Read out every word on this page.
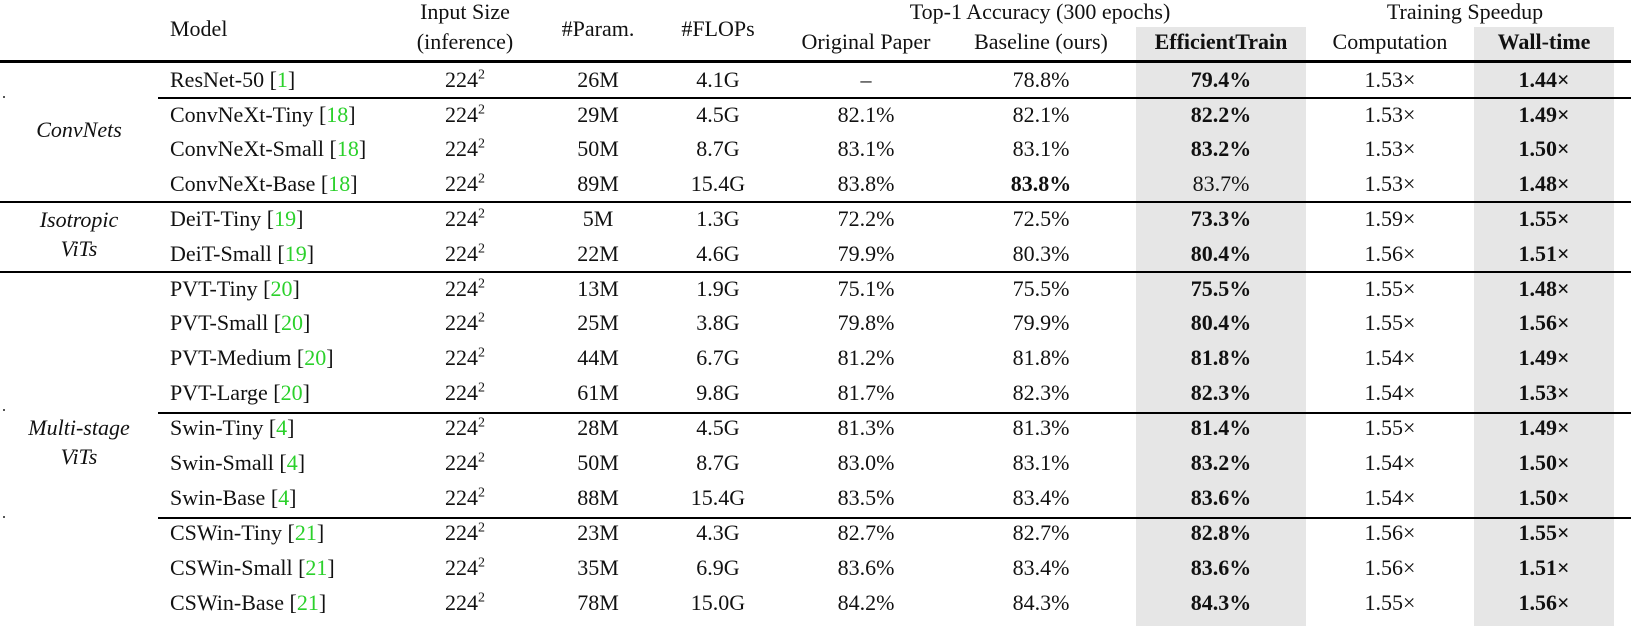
Model
Input Size
(inference)
#Param.	#FLOPs
Top-1 Accuracy (300 epochs)
Original Paper	Baseline (ours)	EfficientTrain
Training Speedup
Computation	Wall-time
ConvNets
Isotropic
ViTs
Multi-stage
ViTs
ResNet-50 [1]	$224^2$	26M	4.1G	–	78.8%	79.4%	1.53×	1.44×
ConvNeXt-Tiny [18]	$224^2$	29M	4.5G	82.1%	82.1%	82.2%	1.53×	1.49×
ConvNeXt-Small [18]	$224^2$	50M	8.7G	83.1%	83.1%	83.2%	1.53×	1.50×
ConvNeXt-Base [18]	$224^2$	89M	15.4G	83.8%	83.8%	83.7%	1.53×	1.48×
DeiT-Tiny [19]	$224^2$	5M	1.3G	72.2%	72.5%	73.3%	1.59×	1.55×
DeiT-Small [19]	$224^2$	22M	4.6G	79.9%	80.3%	80.4%	1.56×	1.51×
PVT-Tiny [20]	$224^2$	13M	1.9G	75.1%	75.5%	75.5%	1.55×	1.48×
PVT-Small [20]	$224^2$	25M	3.8G	79.8%	79.9%	80.4%	1.55×	1.56×
PVT-Medium [20]	$224^2$	44M	6.7G	81.2%	81.8%	81.8%	1.54×	1.49×
PVT-Large [20]	$224^2$	61M	9.8G	81.7%	82.3%	82.3%	1.54×	1.53×
Swin-Tiny [4]	$224^2$	28M	4.5G	81.3%	81.3%	81.4%	1.55×	1.49×
Swin-Small [4]	$224^2$	50M	8.7G	83.0%	83.1%	83.2%	1.54×	1.50×
Swin-Base [4]	$224^2$	88M	15.4G	83.5%	83.4%	83.6%	1.54×	1.50×
CSWin-Tiny [21]	$224^2$	23M	4.3G	82.7%	82.7%	82.8%	1.56×	1.55×
CSWin-Small [21]	$224^2$	35M	6.9G	83.6%	83.4%	83.6%	1.56×	1.51×
CSWin-Base [21]	$224^2$	78M	15.0G	84.2%	84.3%	84.3%	1.55×	1.56×
